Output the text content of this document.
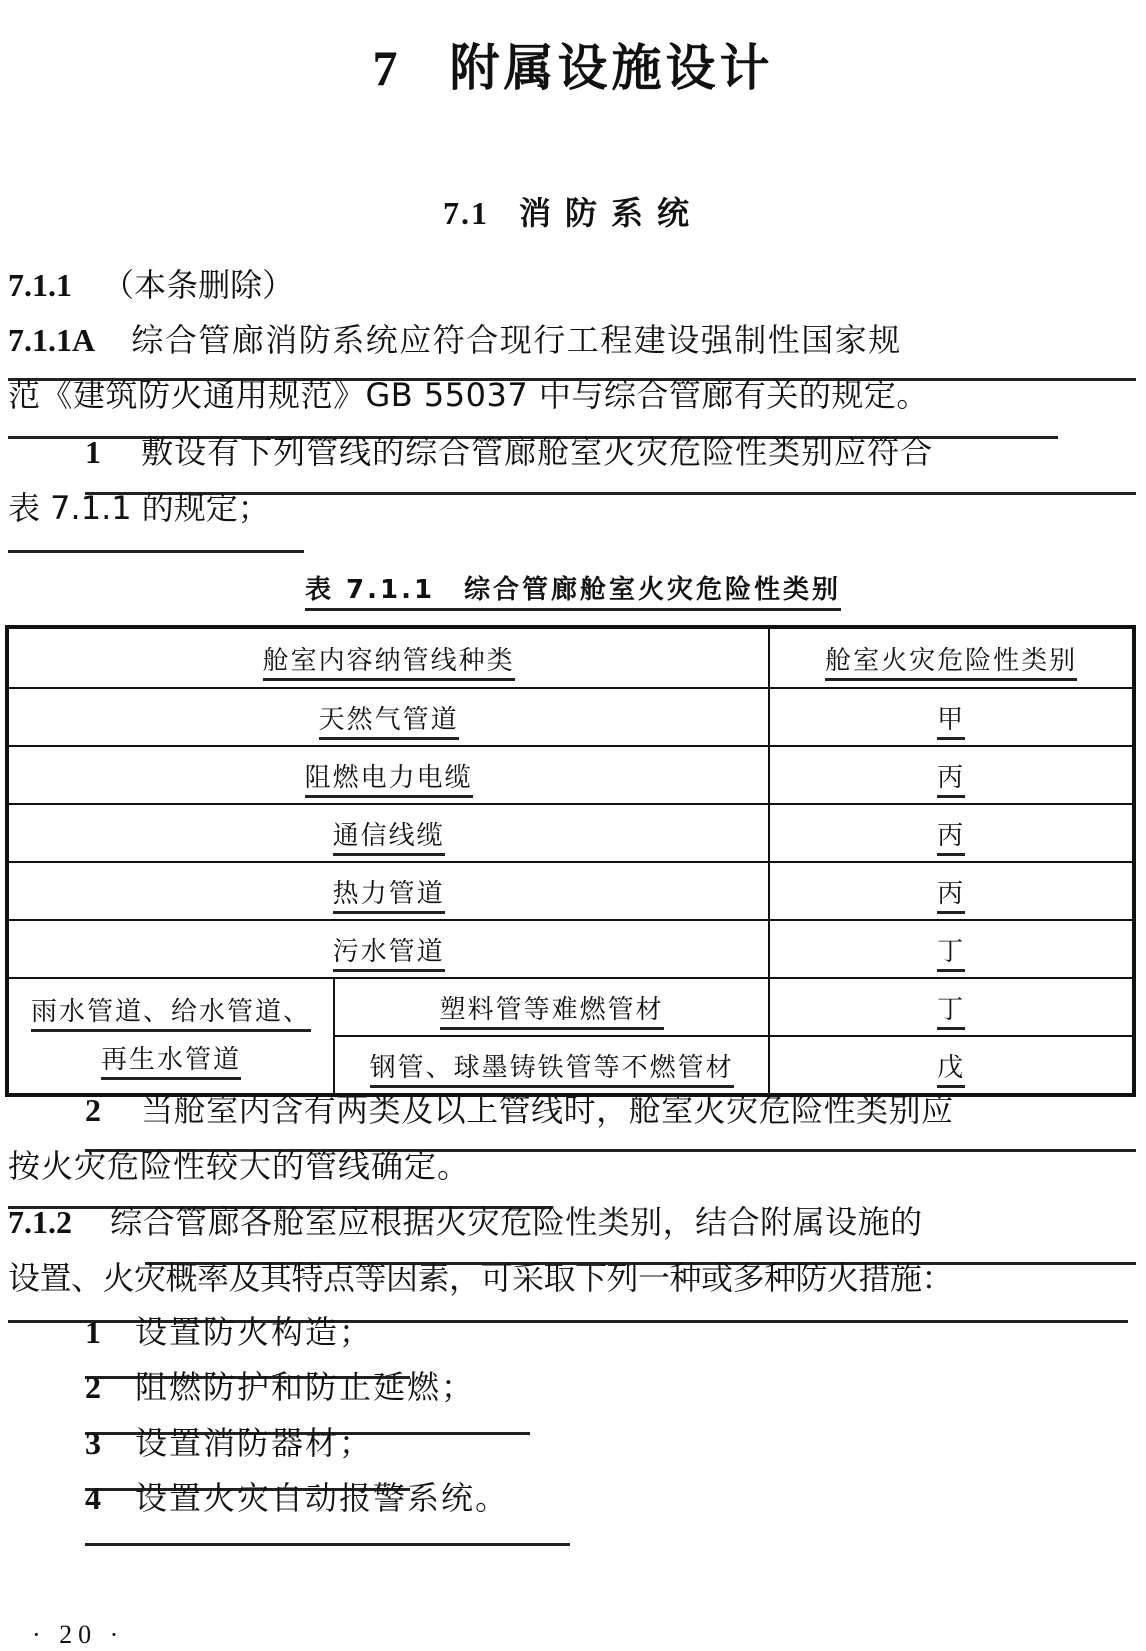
7 附属设施设计
7.1 消防系统
7.1.1 （本条删除）
7.1.1A 综合管廊消防系统应符合现行工程建设强制性国家规
范《建筑防火通用规范》GB 55037 中与综合管廊有关的规定。
1 敷设有下列管线的综合管廊舱室火灾危险性类别应符合
表 7.1.1 的规定；
表 7.1.1　综合管廊舱室火灾危险性类别
舱室内容纳管线种类		舱室火灾危险性类别
天然气管道		甲
阻燃电力电缆		丙
通信线缆		丙
热力管道		丙
污水管道		丁
雨水管道、给水管道、
再生水管道	塑料管等难燃管材	丁
	钢管、球墨铸铁管等不燃管材	戊
2 当舱室内含有两类及以上管线时，舱室火灾危险性类别应
按火灾危险性较大的管线确定。
7.1.2 综合管廊各舱室应根据火灾危险性类别，结合附属设施的
设置、火灾概率及其特点等因素，可采取下列一种或多种防火措施：
1 设置防火构造；
2 阻燃防护和防止延燃；
3 设置消防器材；
4 设置火灾自动报警系统。
· 20 ·
